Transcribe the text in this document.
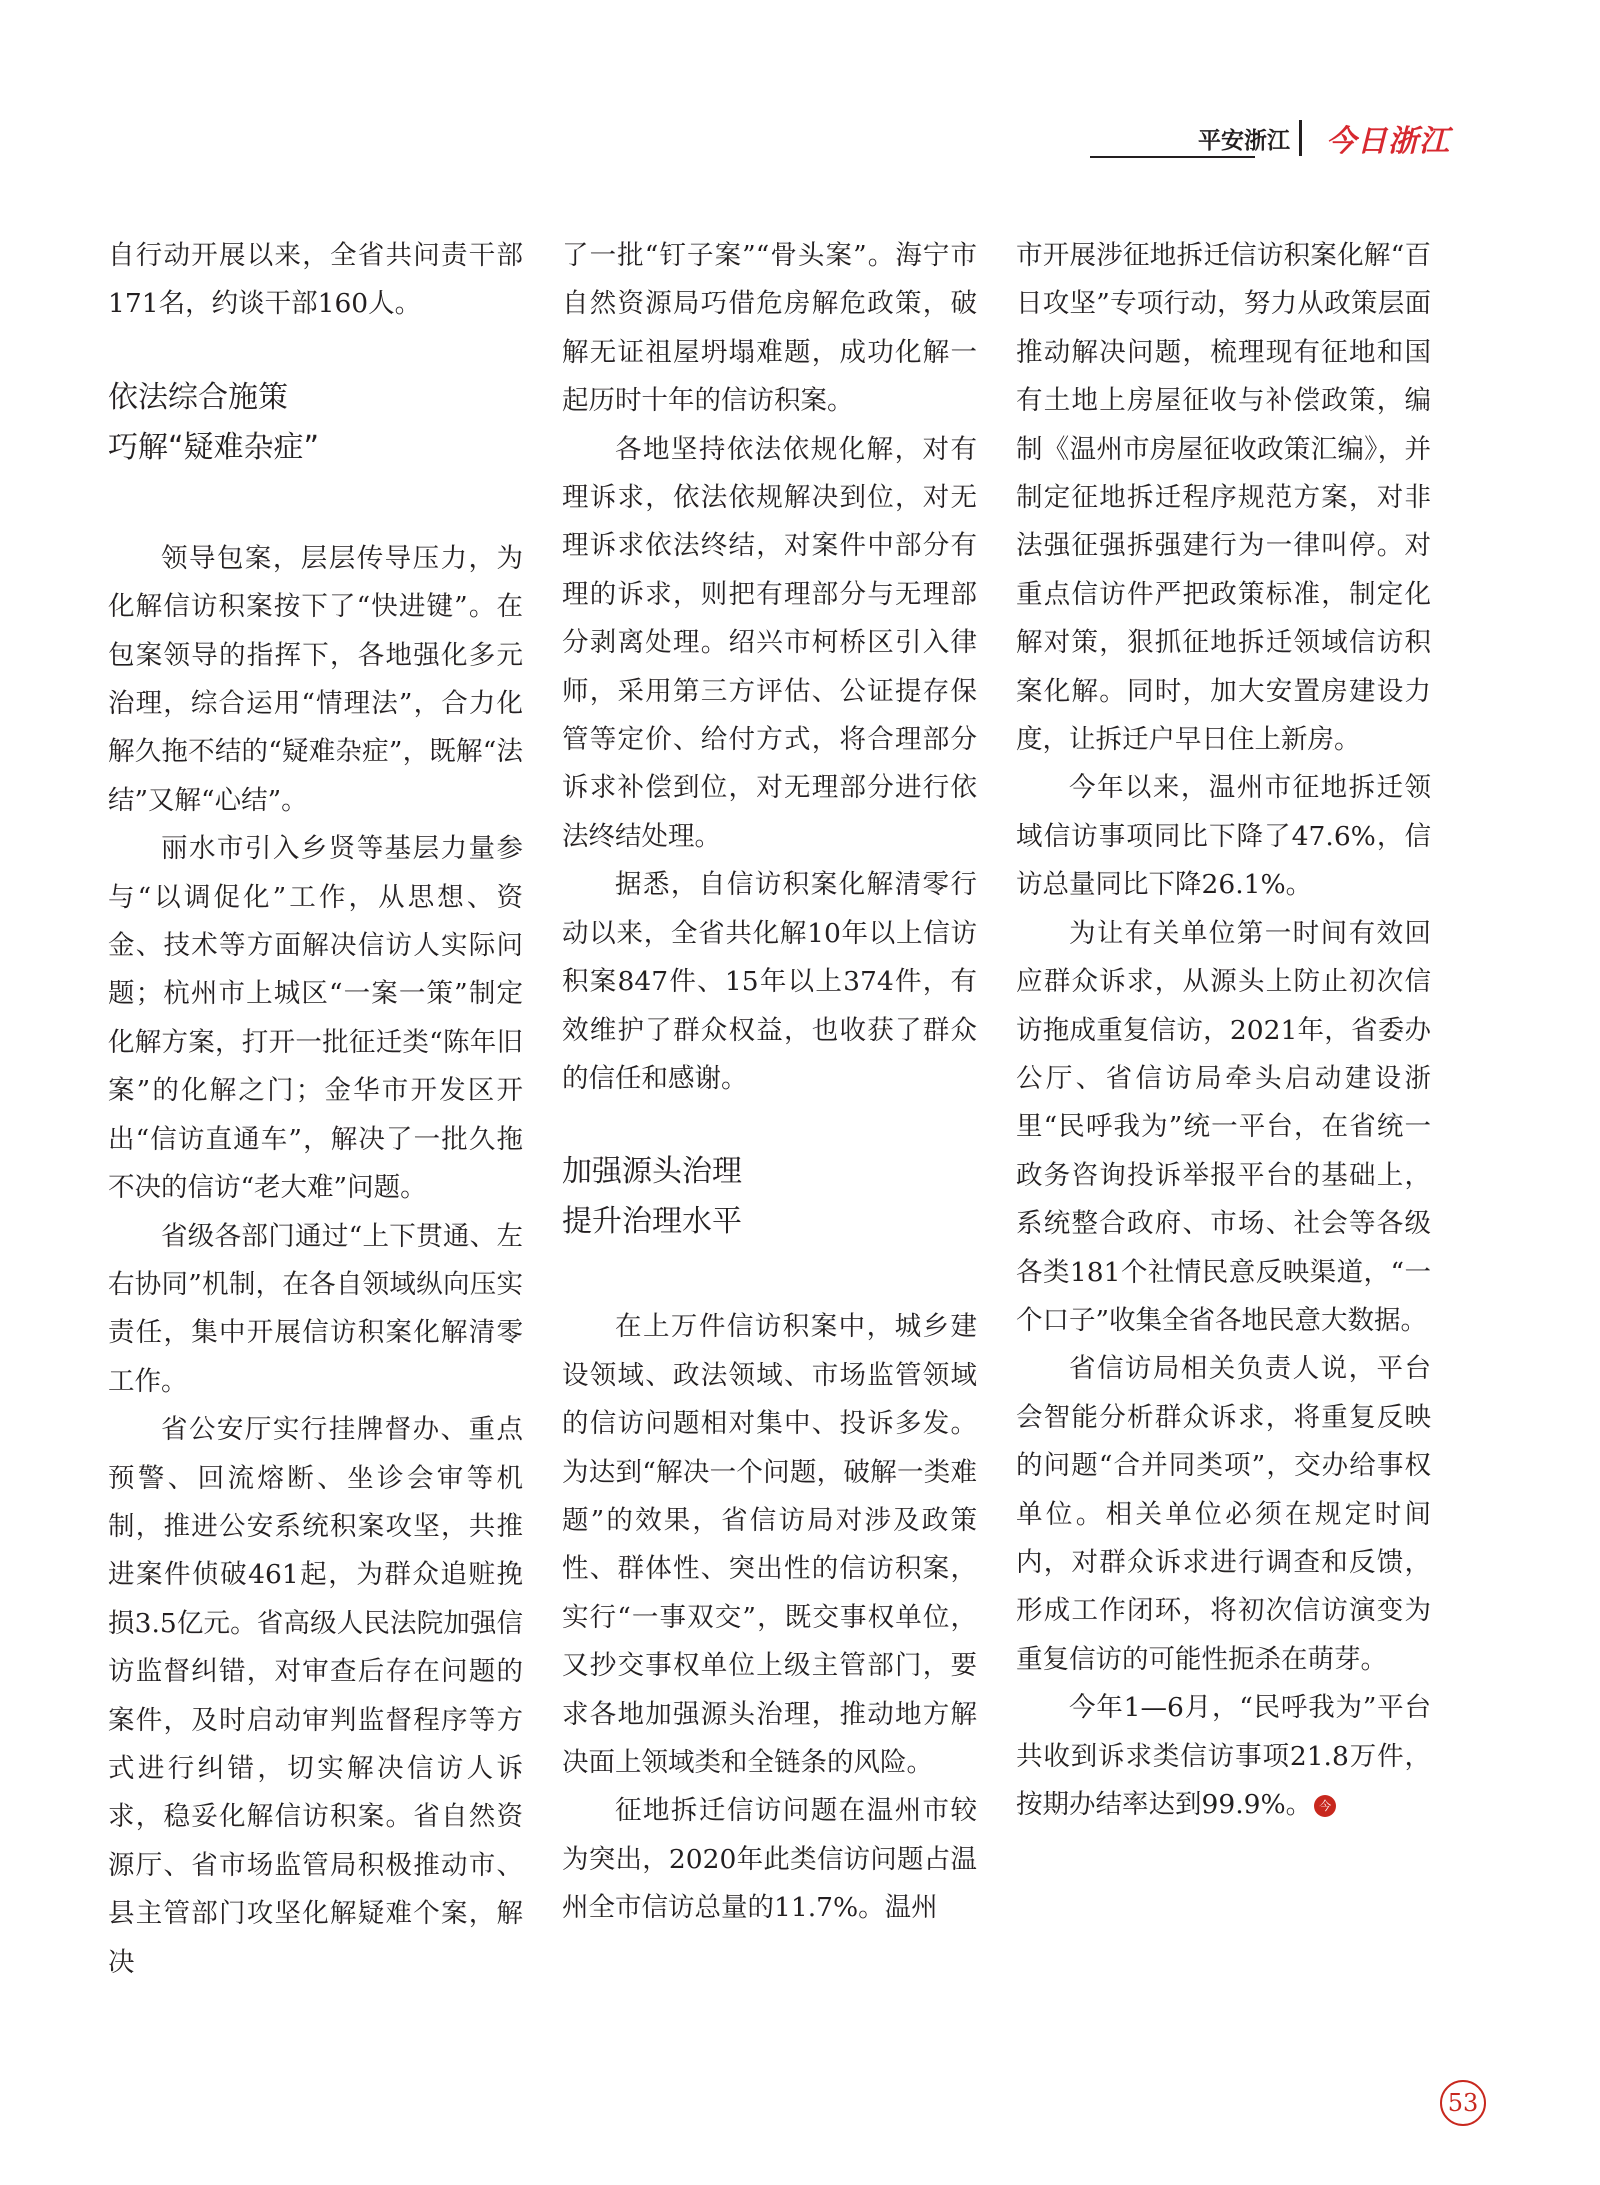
平安浙江 今日浙江

自行动开展以来，全省共问责干部171名，约谈干部160人。

依法综合施策
巧解“疑难杂症”

领导包案，层层传导压力，为化解信访积案按下了“快进键”。在包案领导的指挥下，各地强化多元治理，综合运用“情理法”，合力化解久拖不结的“疑难杂症”，既解“法结”又解“心结”。

丽水市引入乡贤等基层力量参与“以调促化”工作，从思想、资金、技术等方面解决信访人实际问题；杭州市上城区“一案一策”制定化解方案，打开一批征迁类“陈年旧案”的化解之门；金华市开发区开出“信访直通车”，解决了一批久拖不决的信访“老大难”问题。

省级各部门通过“上下贯通、左右协同”机制，在各自领域纵向压实责任，集中开展信访积案化解清零工作。

省公安厅实行挂牌督办、重点预警、回流熔断、坐诊会审等机制，推进公安系统积案攻坚，共推进案件侦破461起，为群众追赃挽损3.5亿元。省高级人民法院加强信访监督纠错，对审查后存在问题的案件，及时启动审判监督程序等方式进行纠错，切实解决信访人诉求，稳妥化解信访积案。省自然资源厅、省市场监管局积极推动市、县主管部门攻坚化解疑难个案，解决

了一批“钉子案”“骨头案”。海宁市自然资源局巧借危房解危政策，破解无证祖屋坍塌难题，成功化解一起历时十年的信访积案。

各地坚持依法依规化解，对有理诉求，依法依规解决到位，对无理诉求依法终结，对案件中部分有理的诉求，则把有理部分与无理部分剥离处理。绍兴市柯桥区引入律师，采用第三方评估、公证提存保管等定价、给付方式，将合理部分诉求补偿到位，对无理部分进行依法终结处理。

据悉，自信访积案化解清零行动以来，全省共化解10年以上信访积案847件、15年以上374件，有效维护了群众权益，也收获了群众的信任和感谢。

加强源头治理
提升治理水平

在上万件信访积案中，城乡建设领域、政法领域、市场监管领域的信访问题相对集中、投诉多发。为达到“解决一个问题，破解一类难题”的效果，省信访局对涉及政策性、群体性、突出性的信访积案，实行“一事双交”，既交事权单位，又抄交事权单位上级主管部门，要求各地加强源头治理，推动地方解决面上领域类和全链条的风险。

征地拆迁信访问题在温州市较为突出，2020年此类信访问题占温州全市信访总量的11.7%。温州

市开展涉征地拆迁信访积案化解“百日攻坚”专项行动，努力从政策层面推动解决问题，梳理现有征地和国有土地上房屋征收与补偿政策，编制《温州市房屋征收政策汇编》，并制定征地拆迁程序规范方案，对非法强征强拆强建行为一律叫停。对重点信访件严把政策标准，制定化解对策，狠抓征地拆迁领域信访积案化解。同时，加大安置房建设力度，让拆迁户早日住上新房。

今年以来，温州市征地拆迁领域信访事项同比下降了47.6%，信访总量同比下降26.1%。

为让有关单位第一时间有效回应群众诉求，从源头上防止初次信访拖成重复信访，2021年，省委办公厅、省信访局牵头启动建设浙里“民呼我为”统一平台，在省统一政务咨询投诉举报平台的基础上，系统整合政府、市场、社会等各级各类181个社情民意反映渠道，“一个口子”收集全省各地民意大数据。

省信访局相关负责人说，平台会智能分析群众诉求，将重复反映的问题“合并同类项”，交办给事权单位。相关单位必须在规定时间内，对群众诉求进行调查和反馈，形成工作闭环，将初次信访演变为重复信访的可能性扼杀在萌芽。

今年1—6月，“民呼我为”平台共收到诉求类信访事项21.8万件，按期办结率达到99.9%。 今

53
